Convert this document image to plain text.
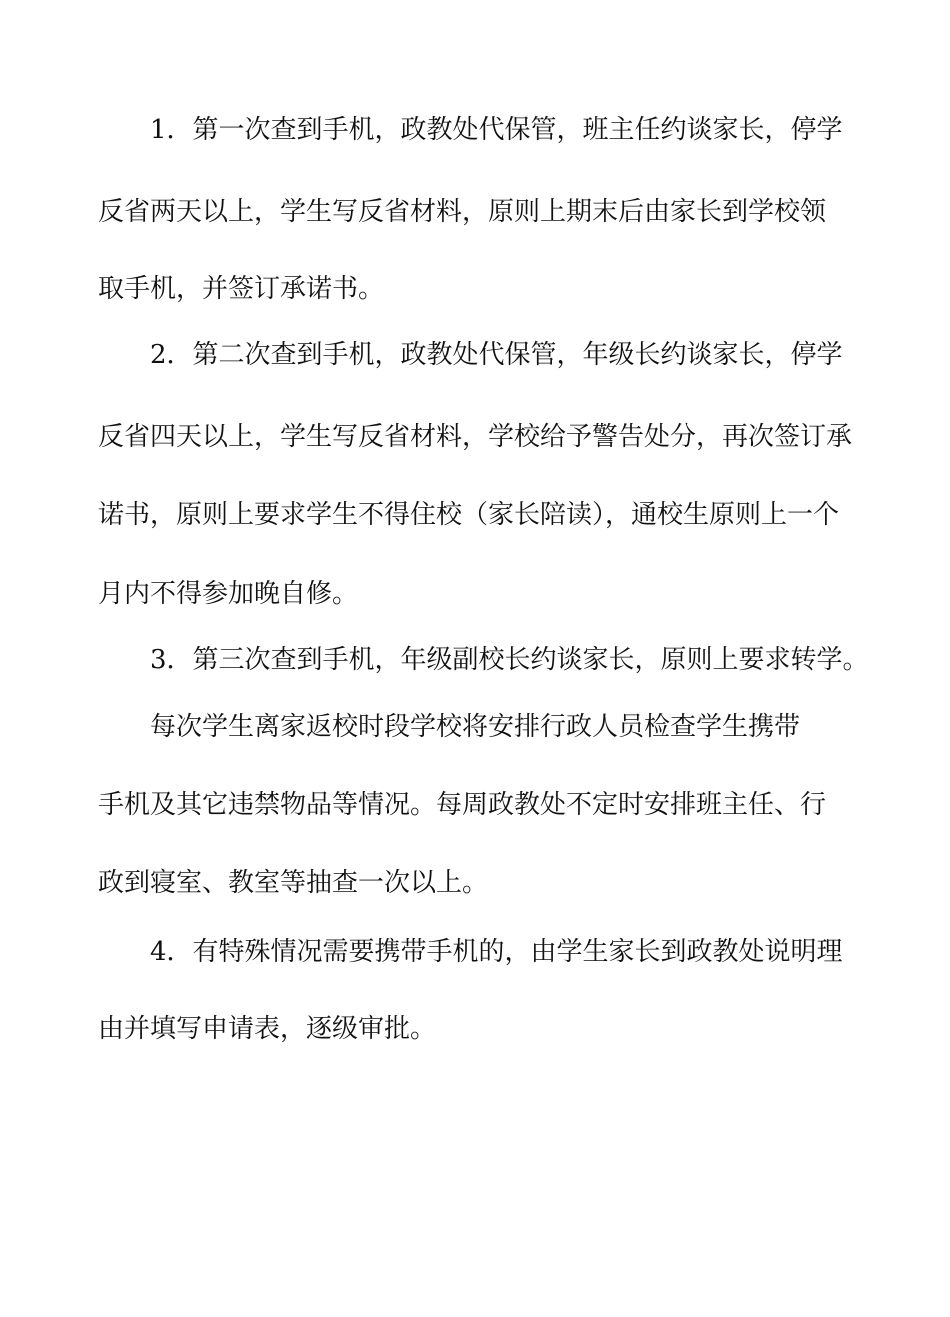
1．第一次查到手机，政教处代保管，班主任约谈家长，停学

反省两天以上，学生写反省材料，原则上期末后由家长到学校领

取手机，并签订承诺书。

2．第二次查到手机，政教处代保管，年级长约谈家长，停学

反省四天以上，学生写反省材料，学校给予警告处分，再次签订承

诺书，原则上要求学生不得住校（家长陪读），通校生原则上一个

月内不得参加晚自修。

3．第三次查到手机，年级副校长约谈家长，原则上要求转学。

每次学生离家返校时段学校将安排行政人员检查学生携带

手机及其它违禁物品等情况。每周政教处不定时安排班主任、行

政到寝室、教室等抽查一次以上。

4．有特殊情况需要携带手机的，由学生家长到政教处说明理

由并填写申请表，逐级审批。
